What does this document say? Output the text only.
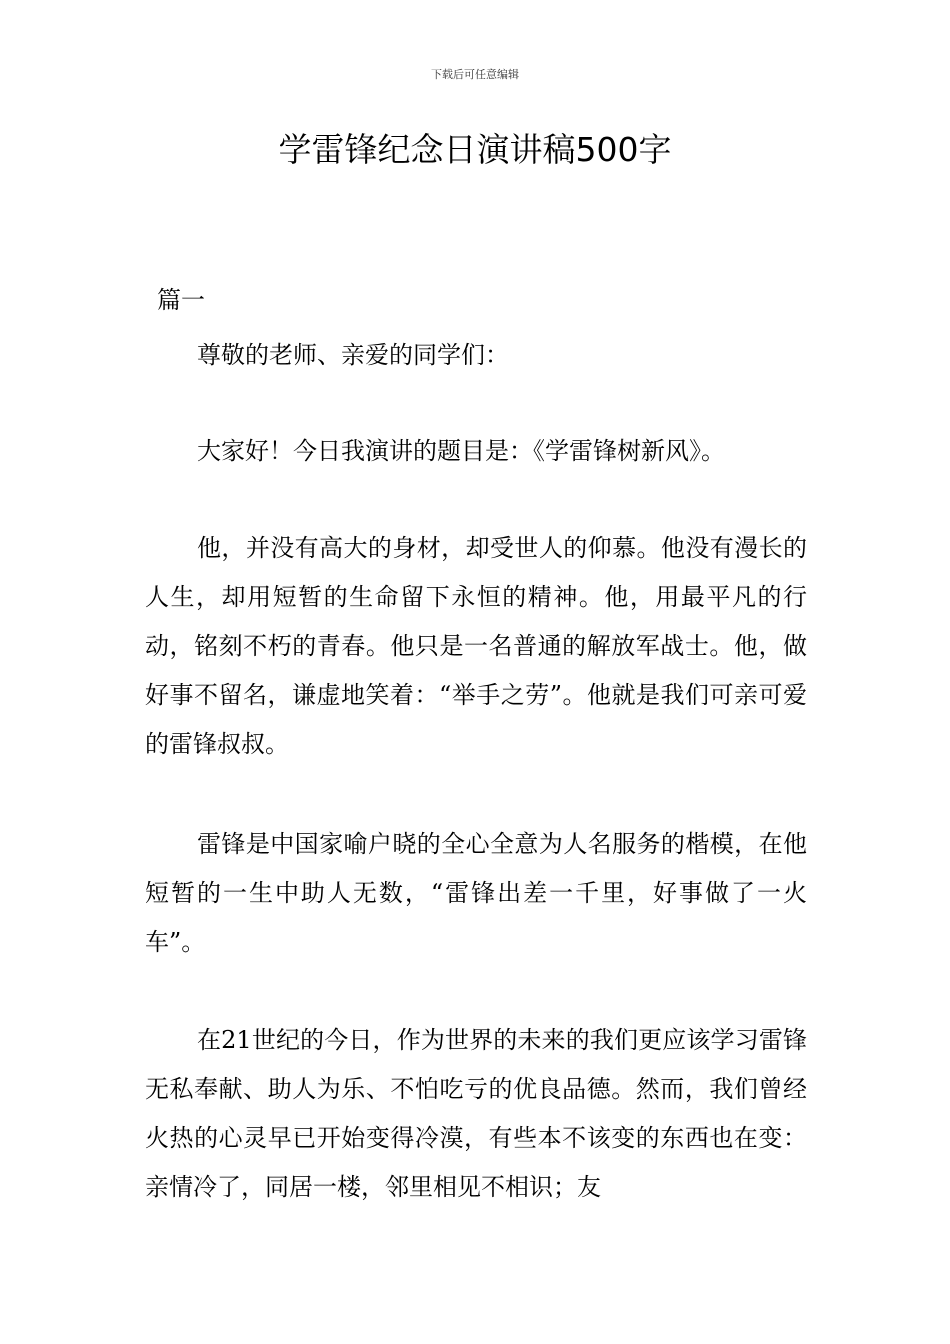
下载后可任意编辑
学雷锋纪念日演讲稿500字
篇一

尊敬的老师、亲爱的同学们：

大家好！今日我演讲的题目是：《学雷锋树新风》。

他，并没有高大的身材，却受世人的仰慕。他没有漫长的人生，却用短暂的生命留下永恒的精神。他，用最平凡的行动，铭刻不朽的青春。他只是一名普通的解放军战士。他，做好事不留名，谦虚地笑着：“举手之劳”。他就是我们可亲可爱的雷锋叔叔。

雷锋是中国家喻户晓的全心全意为人名服务的楷模，在他短暂的一生中助人无数，“雷锋出差一千里，好事做了一火车”。

在21世纪的今日，作为世界的未来的我们更应该学习雷锋无私奉献、助人为乐、不怕吃亏的优良品德。然而，我们曾经火热的心灵早已开始变得冷漠，有些本不该变的东西也在变：亲情冷了，同居一楼，邻里相见不相识；友
